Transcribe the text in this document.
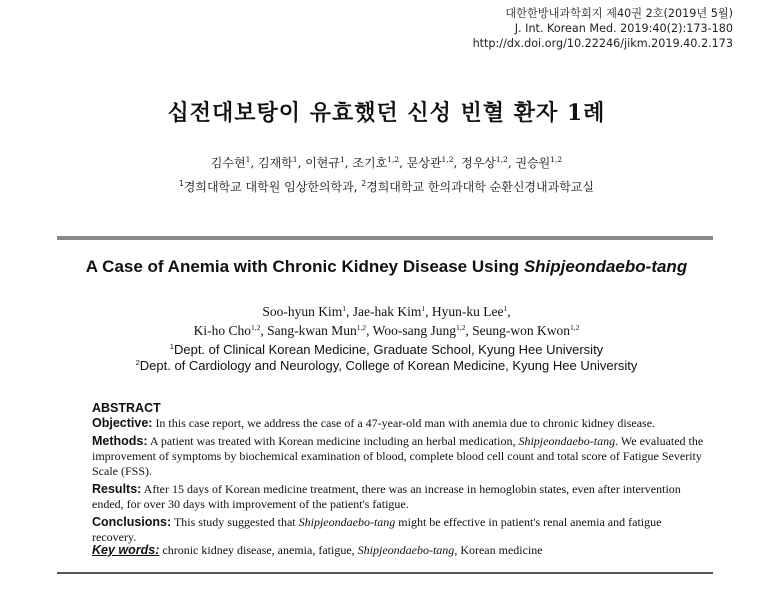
대한한방내과학회지 제40권 2호(2019년 5월)
J. Int. Korean Med. 2019:40(2):173-180
http://dx.doi.org/10.22246/jikm.2019.40.2.173
십전대보탕이 유효했던 신성 빈혈 환자 1례
김수현$^1$, 김재학$^1$, 이현규$^1$, 조기호$^{1,2}$, 문상관$^{1,2}$, 정우상$^{1,2}$, 권승원$^{1,2}$
$^1$경희대학교 대학원 임상한의학과, $^2$경희대학교 한의과대학 순환신경내과학교실
A Case of Anemia with Chronic Kidney Disease Using Shipjeondaebo-tang
Soo-hyun Kim$^1$, Jae-hak Kim$^1$, Hyun-ku Lee$^1$,
Ki-ho Cho$^{1,2}$, Sang-kwan Mun$^{1,2}$, Woo-sang Jung$^{1,2}$, Seung-won Kwon$^{1,2}$
$^1$Dept. of Clinical Korean Medicine, Graduate School, Kyung Hee University
$^2$Dept. of Cardiology and Neurology, College of Korean Medicine, Kyung Hee University

ABSTRACT

Objective: In this case report, we address the case of a 47-year-old man with anemia due to chronic kidney disease.

Methods: A patient was treated with Korean medicine including an herbal medication, Shipjeondaebo-tang. We evaluated the improvement of symptoms by biochemical examination of blood, complete blood cell count and total score of Fatigue Severity Scale (FSS).

Results: After 15 days of Korean medicine treatment, there was an increase in hemoglobin states, even after intervention ended, for over 30 days with improvement of the patient's fatigue.

Conclusions: This study suggested that Shipjeondaebo-tang might be effective in patient's renal anemia and fatigue recovery.

Key words: chronic kidney disease, anemia, fatigue, Shipjeondaebo-tang, Korean medicine
